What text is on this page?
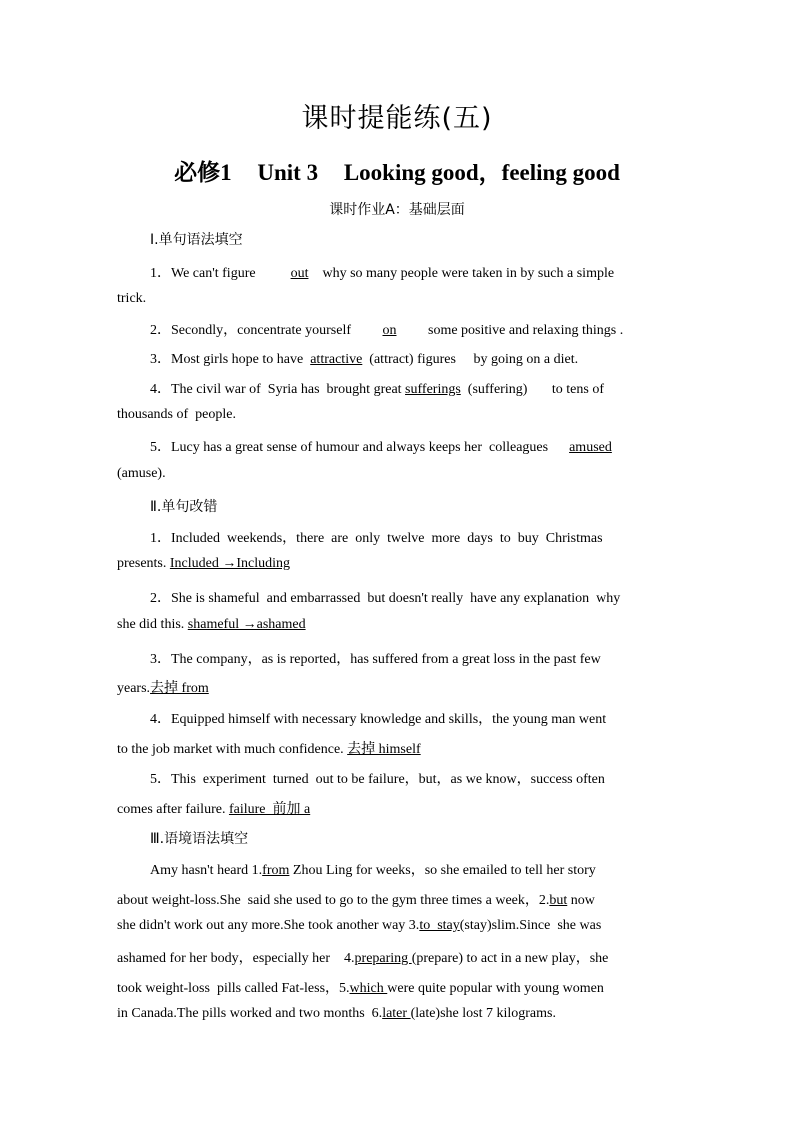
课时提能练(五)
必修1 Unit 3 Looking good，feeling good
课时作业A：基础层面
Ⅰ.单句语法填空
1．We can't figure	out why so many people were taken in by such a simple
trick.
2．Secondly，concentrate yourself on some positive and relaxing things .
3．Most girls hope to have attractive (attract) figures by going on a diet.
4．The civil war of  Syria has  brought great sufferings (suffering) to tens of
thousands of  people.
5．Lucy has a great sense of humour and always keeps her  colleagues amused
(amuse).
Ⅱ.单句改错
1．Included  weekends，there  are  only  twelve  more  days  to  buy  Christmas
presents. Included →Including
2．She is shameful  and embarrassed  but doesn't really  have any explanation  why
she did this. shameful →ashamed
3．The company，as is reported，has suffered from a great loss in the past few
years.去掉 from
4．Equipped himself with necessary knowledge and skills，the young man went
to the job market with much confidence. 去掉 himself
5．This  experiment  turned  out to be failure，but，as we know，success often
comes after failure. failure  前加 a
Ⅲ.语境语法填空
Amy hasn't heard 1.from Zhou Ling for weeks，so she emailed to tell her story
about weight-loss.She  said she used to go to the gym three times a week，2.but now
she didn't work out any more.She took another way 3.to  stay(stay)slim.Since  she was
ashamed for her body，especially her    4.preparing (prepare) to act in a new play，she
took weight-loss  pills called Fat-less，5.which were quite popular with young women
in Canada.The pills worked and two months  6.later (late)she lost 7 kilograms.
